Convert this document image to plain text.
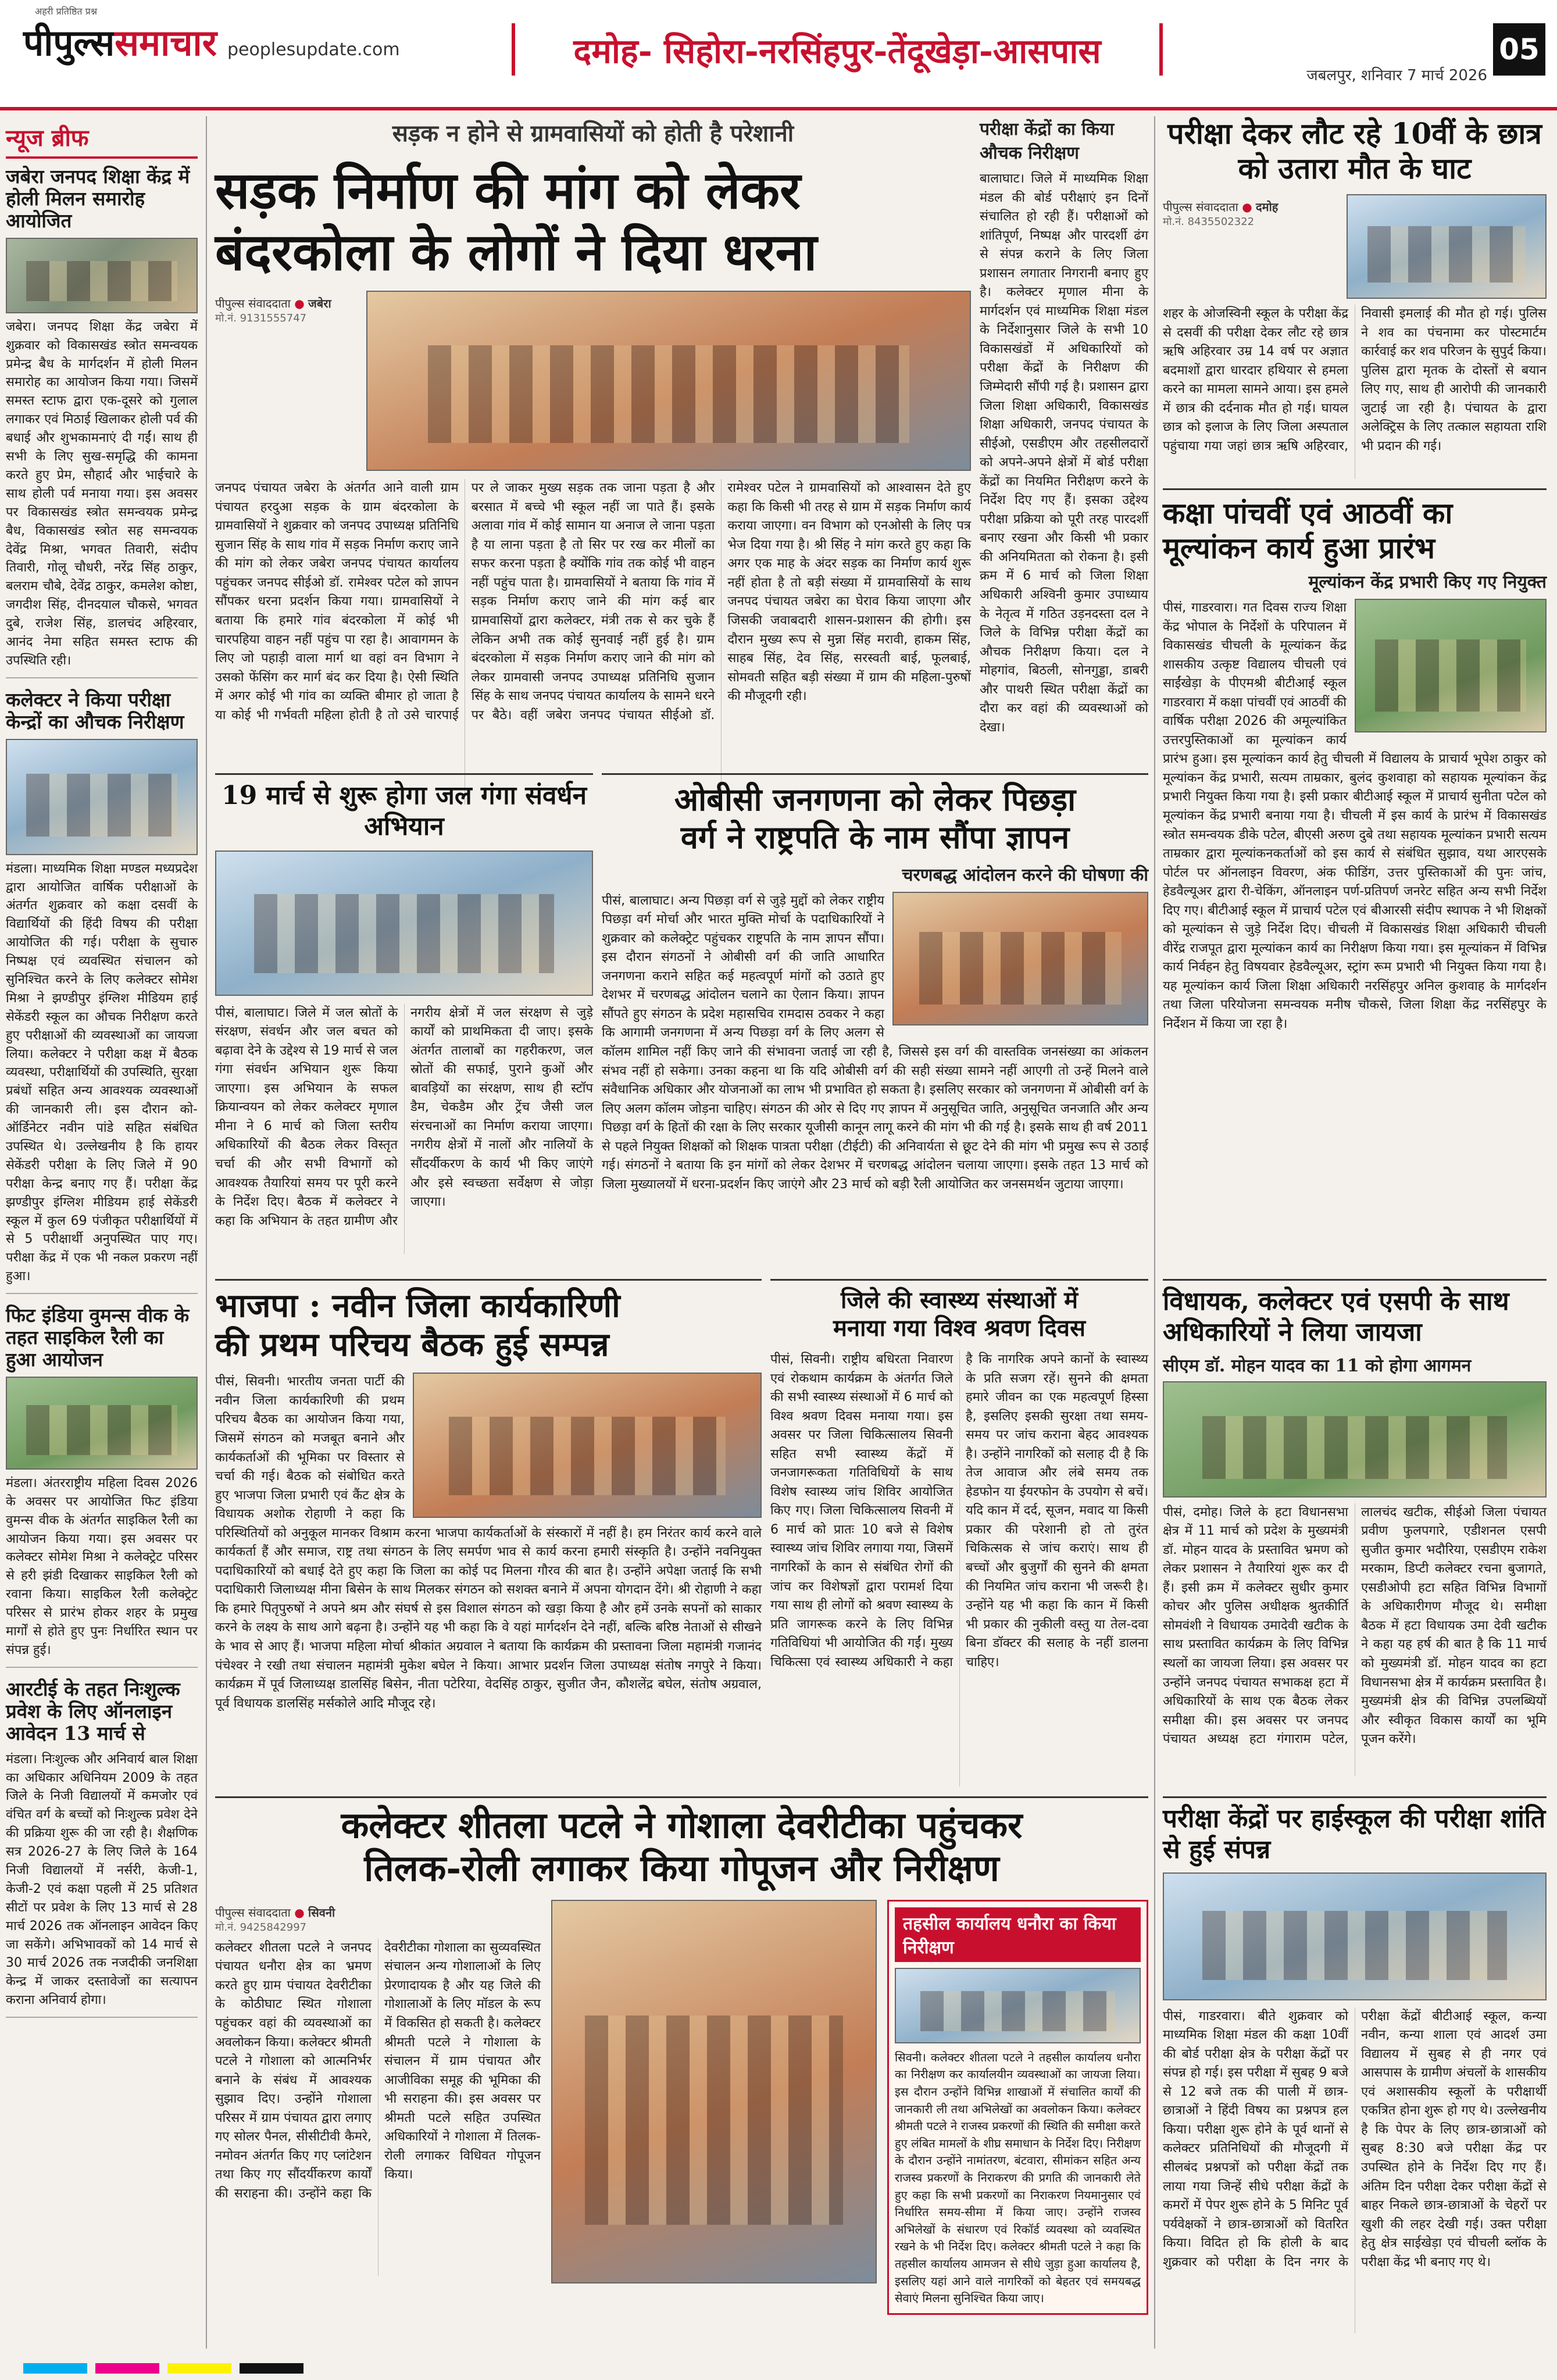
अहरी प्रतिष्ठित प्रश्न
पीपुल्ससमाचार peoplesupdate.com	दमोह- सिहोरा-नरसिंहपुर-तेंदूखेड़ा-आसपास
जबलपुर, शनिवार 7 मार्च 2026
05
न्यूज ब्रीफ
जबेरा जनपद शिक्षा केंद्र में होली मिलन समारोह आयोजित

जबेरा। जनपद शिक्षा केंद्र जबेरा में शुक्रवार को विकासखंड स्त्रोत समन्वयक प्रमेन्द्र बैध के मार्गदर्शन में होली मिलन समारोह का आयोजन किया गया। जिसमें समस्त स्टाफ द्वारा एक-दूसरे को गुलाल लगाकर एवं मिठाई खिलाकर होली पर्व की बधाई और शुभकामनाएं दी गईं। साथ ही सभी के लिए सुख-समृद्धि की कामना करते हुए प्रेम, सौहार्द और भाईचारे के साथ होली पर्व मनाया गया। इस अवसर पर विकासखंड स्त्रोत समन्वयक प्रमेन्द्र बैध, विकासखंड स्त्रोत सह समन्वयक देवेंद्र मिश्रा, भगवत तिवारी, संदीप तिवारी, गोलू चौधरी, नरेंद्र सिंह ठाकुर, बलराम चौबे, देवेंद्र ठाकुर, कमलेश कोष्टा, जगदीश सिंह, दीनदयाल चौकसे, भगवत दुबे, राजेश सिंह, डालचंद अहिरवार, आनंद नेमा सहित समस्त स्टाफ की उपस्थिति रही।

कलेक्टर ने किया परीक्षा केन्द्रों का औचक निरीक्षण

मंडला। माध्यमिक शिक्षा मण्डल मध्यप्रदेश द्वारा आयोजित वार्षिक परीक्षाओं के अंतर्गत शुक्रवार को कक्षा दसवीं के विद्यार्थियों की हिंदी विषय की परीक्षा आयोजित की गई। परीक्षा के सुचारु निष्पक्ष एवं व्यवस्थित संचालन को सुनिश्चित करने के लिए कलेक्टर सोमेश मिश्रा ने झण्डीपुर इंग्लिश मीडियम हाई सेकेंडरी स्कूल का औचक निरीक्षण करते हुए परीक्षाओं की व्यवस्थाओं का जायजा लिया। कलेक्टर ने परीक्षा कक्ष में बैठक व्यवस्था, परीक्षार्थियों की उपस्थिति, सुरक्षा प्रबंधों सहित अन्य आवश्यक व्यवस्थाओं की जानकारी ली। इस दौरान को-ऑर्डिनेटर नवीन पांडे सहित संबंधित उपस्थित थे। उल्लेखनीय है कि हायर सेकेंडरी परीक्षा के लिए जिले में 90 परीक्षा केन्द्र बनाए गए हैं। परीक्षा केंद्र झण्डीपुर इंग्लिश मीडियम हाई सेकेंडरी स्कूल में कुल 69 पंजीकृत परीक्षार्थियों में से 5 परीक्षार्थी अनुपस्थित पाए गए। परीक्षा केंद्र में एक भी नकल प्रकरण नहीं हुआ।

फिट इंडिया वुमन्स वीक के तहत साइकिल रैली का हुआ आयोजन

मंडला। अंतरराष्ट्रीय महिला दिवस 2026 के अवसर पर आयोजित फिट इंडिया वुमन्स वीक के अंतर्गत साइकिल रैली का आयोजन किया गया। इस अवसर पर कलेक्टर सोमेश मिश्रा ने कलेक्ट्रेट परिसर से हरी झंडी दिखाकर साइकिल रैली को रवाना किया। साइकिल रैली कलेक्ट्रेट परिसर से प्रारंभ होकर शहर के प्रमुख मार्गों से होते हुए पुनः निर्धारित स्थान पर संपन्न हुई।

आरटीई के तहत निःशुल्क प्रवेश के लिए ऑनलाइन आवेदन 13 मार्च से

मंडला। निःशुल्क और अनिवार्य बाल शिक्षा का अधिकार अधिनियम 2009 के तहत जिले के निजी विद्यालयों में कमजोर एवं वंचित वर्ग के बच्चों को निःशुल्क प्रवेश देने की प्रक्रिया शुरू की जा रही है। शैक्षणिक सत्र 2026-27 के लिए जिले के 164 निजी विद्यालयों में नर्सरी, केजी-1, केजी-2 एवं कक्षा पहली में 25 प्रतिशत सीटों पर प्रवेश के लिए 13 मार्च से 28 मार्च 2026 तक ऑनलाइन आवेदन किए जा सकेंगे। अभिभावकों को 14 मार्च से 30 मार्च 2026 तक नजदीकी जनशिक्षा केन्द्र में जाकर दस्तावेजों का सत्यापन कराना अनिवार्य होगा।

सड़क न होने से ग्रामवासियों को होती है परेशानी
सड़क निर्माण की मांग को लेकर
बंदरकोला के लोगों ने दिया धरना
पीपुल्स संवाददाता ● जबेरा
मो.नं. 9131555747
जनपद पंचायत जबेरा के अंतर्गत आने वाली ग्राम पंचायत हरदुआ सड़क के ग्राम बंदरकोला के ग्रामवासियों ने शुक्रवार को जनपद उपाध्यक्ष प्रतिनिधि सुजान सिंह के साथ गांव में सड़क निर्माण कराए जाने की मांग को लेकर जबेरा जनपद पंचायत कार्यालय पहुंचकर जनपद सीईओ डॉ. रामेश्वर पटेल को ज्ञापन सौंपकर धरना प्रदर्शन किया गया। ग्रामवासियों ने बताया कि हमारे गांव बंदरकोला में कोई भी चारपहिया वाहन नहीं पहुंच पा रहा है। आवागमन के लिए जो पहाड़ी वाला मार्ग था वहां वन विभाग ने उसको फेंसिंग कर मार्ग बंद कर दिया है। ऐसी स्थिति में अगर कोई भी गांव का व्यक्ति बीमार हो जाता है या कोई भी गर्भवती महिला होती है तो उसे चारपाई पर ले जाकर मुख्य सड़क तक जाना पड़ता है और बरसात में बच्चे भी स्कूल नहीं जा पाते हैं। इसके अलावा गांव में कोई सामान या अनाज ले जाना पड़ता है या लाना पड़ता है तो सिर पर रख कर मीलों का सफर करना पड़ता है क्योंकि गांव तक कोई भी वाहन नहीं पहुंच पाता है। ग्रामवासियों ने बताया कि गांव में सड़क निर्माण कराए जाने की मांग कई बार ग्रामवासियों द्वारा कलेक्टर, मंत्री तक से कर चुके हैं लेकिन अभी तक कोई सुनवाई नहीं हुई है। ग्राम बंदरकोला में सड़क निर्माण कराए जाने की मांग को लेकर ग्रामवासी जनपद उपाध्यक्ष प्रतिनिधि सुजान सिंह के साथ जनपद पंचायत कार्यालय के सामने धरने पर बैठे। वहीं जबेरा जनपद पंचायत सीईओ डॉ. रामेश्वर पटेल ने ग्रामवासियों को आश्वासन देते हुए कहा कि किसी भी तरह से ग्राम में सड़क निर्माण कार्य कराया जाएगा। वन विभाग को एनओसी के लिए पत्र भेज दिया गया है। श्री सिंह ने मांग करते हुए कहा कि अगर एक माह के अंदर सड़क का निर्माण कार्य शुरू नहीं होता है तो बड़ी संख्या में ग्रामवासियों के साथ जनपद पंचायत जबेरा का घेराव किया जाएगा और जिसकी जवाबदारी शासन-प्रशासन की होगी। इस दौरान मुख्य रूप से मुन्ना सिंह मरावी, हाकम सिंह, साहब सिंह, देव सिंह, सरस्वती बाई, फूलबाई, सोमवती सहित बड़ी संख्या में ग्राम की महिला-पुरुषों की मौजूदगी रही।
परीक्षा केंद्रों का किया औचक निरीक्षण

बालाघाट। जिले में माध्यमिक शिक्षा मंडल की बोर्ड परीक्षाएं इन दिनों संचालित हो रही हैं। परीक्षाओं को शांतिपूर्ण, निष्पक्ष और पारदर्शी ढंग से संपन्न कराने के लिए जिला प्रशासन लगातार निगरानी बनाए हुए है। कलेक्टर मृणाल मीना के मार्गदर्शन एवं माध्यमिक शिक्षा मंडल के निर्देशानुसार जिले के सभी 10 विकासखंडों में अधिकारियों को परीक्षा केंद्रों के निरीक्षण की जिम्मेदारी सौंपी गई है। प्रशासन द्वारा जिला शिक्षा अधिकारी, विकासखंड शिक्षा अधिकारी, जनपद पंचायत के सीईओ, एसडीएम और तहसीलदारों को अपने-अपने क्षेत्रों में बोर्ड परीक्षा केंद्रों का नियमित निरीक्षण करने के निर्देश दिए गए हैं। इसका उद्देश्य परीक्षा प्रक्रिया को पूरी तरह पारदर्शी बनाए रखना और किसी भी प्रकार की अनियमितता को रोकना है। इसी क्रम में 6 मार्च को जिला शिक्षा अधिकारी अश्विनी कुमार उपाध्याय के नेतृत्व में गठित उड़नदस्ता दल ने जिले के विभिन्न परीक्षा केंद्रों का औचक निरीक्षण किया। दल ने मोहगांव, बिठली, सोनगुड्डा, डाबरी और पाथरी स्थित परीक्षा केंद्रों का दौरा कर वहां की व्यवस्थाओं को देखा।

परीक्षा देकर लौट रहे 10वीं के छात्र को उतारा मौत के घाट
पीपुल्स संवाददाता ● दमोह
मो.नं. 8435502322
शहर के ओजस्विनी स्कूल के परीक्षा केंद्र से दसवीं की परीक्षा देकर लौट रहे छात्र ऋषि अहिरवार उम्र 14 वर्ष पर अज्ञात बदमाशों द्वारा धारदार हथियार से हमला करने का मामला सामने आया। इस हमले में छात्र की दर्दनाक मौत हो गई। घायल छात्र को इलाज के लिए जिला अस्पताल पहुंचाया गया जहां छात्र ऋषि अहिरवार, निवासी इमलाई की मौत हो गई। पुलिस ने शव का पंचनामा कर पोस्टमार्टम कार्रवाई कर शव परिजन के सुपुर्द किया। पुलिस द्वारा मृतक के दोस्तों से बयान लिए गए, साथ ही आरोपी की जानकारी जुटाई जा रही है। पंचायत के द्वारा अलेक्ट्रिस के लिए तत्काल सहायता राशि भी प्रदान की गई।
कक्षा पांचवीं एवं आठवीं का मूल्यांकन कार्य हुआ प्रारंभ
मूल्यांकन केंद्र प्रभारी किए गए नियुक्त

पीसं, गाडरवारा। गत दिवस राज्य शिक्षा केंद्र भोपाल के निर्देशों के परिपालन में विकासखंड चीचली के मूल्यांकन केंद्र शासकीय उत्कृष्ट विद्यालय चीचली एवं साईंखेड़ा के पीएमश्री बीटीआई स्कूल गाडरवारा में कक्षा पांचवीं एवं आठवीं की वार्षिक परीक्षा 2026 की अमूल्यांकित उत्तरपुस्तिकाओं का मूल्यांकन कार्य प्रारंभ हुआ। इस मूल्यांकन कार्य हेतु चीचली में विद्यालय के प्राचार्य भूपेश ठाकुर को मूल्यांकन केंद्र प्रभारी, सत्यम ताम्रकार, बुलंद कुशवाहा को सहायक मूल्यांकन केंद्र प्रभारी नियुक्त किया गया है। इसी प्रकार बीटीआई स्कूल में प्राचार्य सुनीता पटेल को मूल्यांकन केंद्र प्रभारी बनाया गया है। चीचली में इस कार्य के प्रारंभ में विकासखंड स्त्रोत समन्वयक डीके पटेल, बीएसी अरुण दुबे तथा सहायक मूल्यांकन प्रभारी सत्यम ताम्रकार द्वारा मूल्यांकनकर्ताओं को इस कार्य से संबंधित सुझाव, यथा आरएसके पोर्टल पर ऑनलाइन विवरण, अंक फीडिंग, उत्तर पुस्तिकाओं की पुनः जांच, हेडवैल्यूअर द्वारा री-चेकिंग, ऑनलाइन पर्ण-प्रतिपर्ण जनरेट सहित अन्य सभी निर्देश दिए गए। बीटीआई स्कूल में प्राचार्य पटेल एवं बीआरसी संदीप स्थापक ने भी शिक्षकों को मूल्यांकन से जुड़े निर्देश दिए। चीचली में विकासखंड शिक्षा अधिकारी चीचली वीरेंद्र राजपूत द्वारा मूल्यांकन कार्य का निरीक्षण किया गया। इस मूल्यांकन में विभिन्न कार्य निर्वहन हेतु विषयवार हेडवैल्यूअर, स्ट्रांग रूम प्रभारी भी नियुक्त किया गया है। यह मूल्यांकन कार्य जिला शिक्षा अधिकारी नरसिंहपुर अनिल कुशवाह के मार्गदर्शन तथा जिला परियोजना समन्वयक मनीष चौकसे, जिला शिक्षा केंद्र नरसिंहपुर के निर्देशन में किया जा रहा है।

19 मार्च से शुरू होगा जल गंगा संवर्धन अभियान
पीसं, बालाघाट। जिले में जल स्रोतों के संरक्षण, संवर्धन और जल बचत को बढ़ावा देने के उद्देश्य से 19 मार्च से जल गंगा संवर्धन अभियान शुरू किया जाएगा। इस अभियान के सफल क्रियान्वयन को लेकर कलेक्टर मृणाल मीना ने 6 मार्च को जिला स्तरीय अधिकारियों की बैठक लेकर विस्तृत चर्चा की और सभी विभागों को आवश्यक तैयारियां समय पर पूरी करने के निर्देश दिए। बैठक में कलेक्टर ने कहा कि अभियान के तहत ग्रामीण और नगरीय क्षेत्रों में जल संरक्षण से जुड़े कार्यों को प्राथमिकता दी जाए। इसके अंतर्गत तालाबों का गहरीकरण, जल स्रोतों की सफाई, पुराने कुओं और बावड़ियों का संरक्षण, साथ ही स्टॉप डैम, चेकडैम और ट्रेंच जैसी जल संरचनाओं का निर्माण कराया जाएगा। नगरीय क्षेत्रों में नालों और नालियों के सौंदर्यीकरण के कार्य भी किए जाएंगे और इसे स्वच्छता सर्वेक्षण से जोड़ा जाएगा।
ओबीसी जनगणना को लेकर पिछड़ा
वर्ग ने राष्ट्रपति के नाम सौंपा ज्ञापन
चरणबद्ध आंदोलन करने की घोषणा की
पीसं, बालाघाट। अन्य पिछड़ा वर्ग से जुड़े मुद्दों को लेकर राष्ट्रीय पिछड़ा वर्ग मोर्चा और भारत मुक्ति मोर्चा के पदाधिकारियों ने शुक्रवार को कलेक्ट्रेट पहुंचकर राष्ट्रपति के नाम ज्ञापन सौंपा। इस दौरान संगठनों ने ओबीसी वर्ग की जाति आधारित जनगणना कराने सहित कई महत्वपूर्ण मांगों को उठाते हुए देशभर में चरणबद्ध आंदोलन चलाने का ऐलान किया। ज्ञापन सौंपते हुए संगठन के प्रदेश महासचिव रामदास ठवकर ने कहा कि आगामी जनगणना में अन्य पिछड़ा वर्ग के लिए अलग से कॉलम शामिल नहीं किए जाने की संभावना जताई जा रही है, जिससे इस वर्ग की वास्तविक जनसंख्या का आंकलन संभव नहीं हो सकेगा। उनका कहना था कि यदि ओबीसी वर्ग की सही संख्या सामने नहीं आएगी तो उन्हें मिलने वाले संवैधानिक अधिकार और योजनाओं का लाभ भी प्रभावित हो सकता है। इसलिए सरकार को जनगणना में ओबीसी वर्ग के लिए अलग कॉलम जोड़ना चाहिए। संगठन की ओर से दिए गए ज्ञापन में अनुसूचित जाति, अनुसूचित जनजाति और अन्य पिछड़ा वर्ग के हितों की रक्षा के लिए सरकार यूजीसी कानून लागू करने की मांग भी की गई है। इसके साथ ही वर्ष 2011 से पहले नियुक्त शिक्षकों को शिक्षक पात्रता परीक्षा (टीईटी) की अनिवार्यता से छूट देने की मांग भी प्रमुख रूप से उठाई गई। संगठनों ने बताया कि इन मांगों को लेकर देशभर में चरणबद्ध आंदोलन चलाया जाएगा। इसके तहत 13 मार्च को जिला मुख्यालयों में धरना-प्रदर्शन किए जाएंगे और 23 मार्च को बड़ी रैली आयोजित कर जनसमर्थन जुटाया जाएगा।
भाजपा : नवीन जिला कार्यकारिणी
की प्रथम परिचय बैठक हुई सम्पन्न

पीसं, सिवनी। भारतीय जनता पार्टी की नवीन जिला कार्यकारिणी की प्रथम परिचय बैठक का आयोजन किया गया, जिसमें संगठन को मजबूत बनाने और कार्यकर्ताओं की भूमिका पर विस्तार से चर्चा की गई। बैठक को संबोधित करते हुए भाजपा जिला प्रभारी एवं कैंट क्षेत्र के विधायक अशोक रोहाणी ने कहा कि परिस्थितियों को अनुकूल मानकर विश्राम करना भाजपा कार्यकर्ताओं के संस्कारों में नहीं है। हम निरंतर कार्य करने वाले कार्यकर्ता हैं और समाज, राष्ट्र तथा संगठन के लिए समर्पण भाव से कार्य करना हमारी संस्कृति है। उन्होंने नवनियुक्त पदाधिकारियों को बधाई देते हुए कहा कि जिला का कोई पद मिलना गौरव की बात है। उन्होंने अपेक्षा जताई कि सभी पदाधिकारी जिलाध्यक्ष मीना बिसेन के साथ मिलकर संगठन को सशक्त बनाने में अपना योगदान देंगे। श्री रोहाणी ने कहा कि हमारे पितृपुरुषों ने अपने श्रम और संघर्ष से इस विशाल संगठन को खड़ा किया है और हमें उनके सपनों को साकार करने के लक्ष्य के साथ आगे बढ़ना है। उन्होंने यह भी कहा कि वे यहां मार्गदर्शन देने नहीं, बल्कि बरिष्ठ नेताओं से सीखने के भाव से आए हैं। भाजपा महिला मोर्चा श्रीकांत अग्रवाल ने बताया कि कार्यक्रम की प्रस्तावना जिला महामंत्री गजानंद पंचेश्वर ने रखी तथा संचालन महामंत्री मुकेश बघेल ने किया। आभार प्रदर्शन जिला उपाध्यक्ष संतोष नगपुरे ने किया। कार्यक्रम में पूर्व जिलाध्यक्ष डालसिंह बिसेन, नीता पटेरिया, वेदसिंह ठाकुर, सुजीत जैन, कौशलेंद्र बघेल, संतोष अग्रवाल, पूर्व विधायक डालसिंह मर्सकोले आदि मौजूद रहे।

जिले की स्वास्थ्य संस्थाओं में
मनाया गया विश्व श्रवण दिवस
पीसं, सिवनी। राष्ट्रीय बधिरता निवारण एवं रोकथाम कार्यक्रम के अंतर्गत जिले की सभी स्वास्थ्य संस्थाओं में 6 मार्च को विश्व श्रवण दिवस मनाया गया। इस अवसर पर जिला चिकित्सालय सिवनी सहित सभी स्वास्थ्य केंद्रों में जनजागरूकता गतिविधियों के साथ विशेष स्वास्थ्य जांच शिविर आयोजित किए गए। जिला चिकित्सालय सिवनी में 6 मार्च को प्रातः 10 बजे से विशेष स्वास्थ्य जांच शिविर लगाया गया, जिसमें नागरिकों के कान से संबंधित रोगों की जांच कर विशेषज्ञों द्वारा परामर्श दिया गया साथ ही लोगों को श्रवण स्वास्थ्य के प्रति जागरूक करने के लिए विभिन्न गतिविधियां भी आयोजित की गईं। मुख्य चिकित्सा एवं स्वास्थ्य अधिकारी ने कहा है कि नागरिक अपने कानों के स्वास्थ्य के प्रति सजग रहें। सुनने की क्षमता हमारे जीवन का एक महत्वपूर्ण हिस्सा है, इसलिए इसकी सुरक्षा तथा समय-समय पर जांच कराना बेहद आवश्यक है। उन्होंने नागरिकों को सलाह दी है कि तेज आवाज और लंबे समय तक हेडफोन या ईयरफोन के उपयोग से बचें। यदि कान में दर्द, सूजन, मवाद या किसी प्रकार की परेशानी हो तो तुरंत चिकित्सक से जांच कराएं। साथ ही बच्चों और बुजुर्गों की सुनने की क्षमता की नियमित जांच कराना भी जरूरी है। उन्होंने यह भी कहा कि कान में किसी भी प्रकार की नुकीली वस्तु या तेल-दवा बिना डॉक्टर की सलाह के नहीं डालना चाहिए।
विधायक, कलेक्टर एवं एसपी के साथ अधिकारियों ने लिया जायजा
सीएम डॉ. मोहन यादव का 11 को होगा आगमन
पीसं, दमोह। जिले के हटा विधानसभा क्षेत्र में 11 मार्च को प्रदेश के मुख्यमंत्री डॉ. मोहन यादव के प्रस्तावित भ्रमण को लेकर प्रशासन ने तैयारियां शुरू कर दी हैं। इसी क्रम में कलेक्टर सुधीर कुमार कोचर और पुलिस अधीक्षक श्रुतकीर्ति सोमवंशी ने विधायक उमादेवी खटीक के साथ प्रस्तावित कार्यक्रम के लिए विभिन्न स्थलों का जायजा लिया। इस अवसर पर उन्होंने जनपद पंचायत सभाकक्ष हटा में अधिकारियों के साथ एक बैठक लेकर समीक्षा की। इस अवसर पर जनपद पंचायत अध्यक्ष हटा गंगाराम पटेल, लालचंद खटीक, सीईओ जिला पंचायत प्रवीण फुलपगारे, एडीशनल एसपी सुजीत कुमार भदौरिया, एसडीएम राकेश मरकाम, डिप्टी कलेक्टर रचना बुजागते, एसडीओपी हटा सहित विभिन्न विभागों के अधिकारीगण मौजूद थे। समीक्षा बैठक में हटा विधायक उमा देवी खटीक ने कहा यह हर्ष की बात है कि 11 मार्च को मुख्यमंत्री डॉ. मोहन यादव का हटा विधानसभा क्षेत्र में कार्यक्रम प्रस्तावित है। मुख्यमंत्री क्षेत्र की विभिन्न उपलब्धियों और स्वीकृत विकास कार्यों का भूमि पूजन करेंगे।
कलेक्टर शीतला पटले ने गोशाला देवरीटीका पहुंचकर
तिलक-रोली लगाकर किया गोपूजन और निरीक्षण
पीपुल्स संवाददाता ● सिवनी
मो.नं. 9425842997
कलेक्टर शीतला पटले ने जनपद पंचायत धनौरा क्षेत्र का भ्रमण करते हुए ग्राम पंचायत देवरीटीका के कोठीघाट स्थित गोशाला पहुंचकर वहां की व्यवस्थाओं का अवलोकन किया। कलेक्टर श्रीमती पटले ने गोशाला को आत्मनिर्भर बनाने के संबंध में आवश्यक सुझाव दिए। उन्होंने गोशाला परिसर में ग्राम पंचायत द्वारा लगाए गए सोलर पैनल, सीसीटीवी कैमरे, नमोवन अंतर्गत किए गए प्लांटेशन तथा किए गए सौंदर्यीकरण कार्यों की सराहना की। उन्होंने कहा कि देवरीटीका गोशाला का सुव्यवस्थित संचालन अन्य गोशालाओं के लिए प्रेरणादायक है और यह जिले की गोशालाओं के लिए मॉडल के रूप में विकसित हो सकती है। कलेक्टर श्रीमती पटले ने गोशाला के संचालन में ग्राम पंचायत और आजीविका समूह की भूमिका की भी सराहना की। इस अवसर पर श्रीमती पटले सहित उपस्थित अधिकारियों ने गोशाला में तिलक-रोली लगाकर विधिवत गोपूजन किया।
तहसील कार्यालय धनौरा का किया निरीक्षण

सिवनी। कलेक्टर शीतला पटले ने तहसील कार्यालय धनौरा का निरीक्षण कर कार्यालयीन व्यवस्थाओं का जायजा लिया। इस दौरान उन्होंने विभिन्न शाखाओं में संचालित कार्यों की जानकारी ली तथा अभिलेखों का अवलोकन किया। कलेक्टर श्रीमती पटले ने राजस्व प्रकरणों की स्थिति की समीक्षा करते हुए लंबित मामलों के शीघ्र समाधान के निर्देश दिए। निरीक्षण के दौरान उन्होंने नामांतरण, बंटवारा, सीमांकन सहित अन्य राजस्व प्रकरणों के निराकरण की प्रगति की जानकारी लेते हुए कहा कि सभी प्रकरणों का निराकरण नियमानुसार एवं निर्धारित समय-सीमा में किया जाए। उन्होंने राजस्व अभिलेखों के संधारण एवं रिकॉर्ड व्यवस्था को व्यवस्थित रखने के भी निर्देश दिए। कलेक्टर श्रीमती पटले ने कहा कि तहसील कार्यालय आमजन से सीधे जुड़ा हुआ कार्यालय है, इसलिए यहां आने वाले नागरिकों को बेहतर एवं समयबद्ध सेवाएं मिलना सुनिश्चित किया जाए।

परीक्षा केंद्रों पर हाईस्कूल की परीक्षा शांति से हुई संपन्न
पीसं, गाडरवारा। बीते शुक्रवार को माध्यमिक शिक्षा मंडल की कक्षा 10वीं की बोर्ड परीक्षा क्षेत्र के परीक्षा केंद्रों पर संपन्न हो गई। इस परीक्षा में सुबह 9 बजे से 12 बजे तक की पाली में छात्र-छात्राओं ने हिंदी विषय का प्रश्नपत्र हल किया। परीक्षा शुरू होने के पूर्व थानों से कलेक्टर प्रतिनिधियों की मौजूदगी में सीलबंद प्रश्नपत्रों को परीक्षा केंद्रों तक लाया गया जिन्हें सीधे परीक्षा केंद्रों के कमरों में पेपर शुरू होने के 5 मिनिट पूर्व पर्यवेक्षकों ने छात्र-छात्राओं को वितरित किया। विदित हो कि होली के बाद शुक्रवार को परीक्षा के दिन नगर के परीक्षा केंद्रों बीटीआई स्कूल, कन्या नवीन, कन्या शाला एवं आदर्श उमा विद्यालय में सुबह से ही नगर एवं आसपास के ग्रामीण अंचलों के शासकीय एवं अशासकीय स्कूलों के परीक्षार्थी एकत्रित होना शुरू हो गए थे। उल्लेखनीय है कि पेपर के लिए छात्र-छात्राओं को सुबह 8:30 बजे परीक्षा केंद्र पर उपस्थित होने के निर्देश दिए गए हैं। अंतिम दिन परीक्षा देकर परीक्षा केंद्रों से बाहर निकले छात्र-छात्राओं के चेहरों पर खुशी की लहर देखी गई। उक्त परीक्षा हेतु क्षेत्र साईखेड़ा एवं चीचली ब्लॉक के परीक्षा केंद्र भी बनाए गए थे।
